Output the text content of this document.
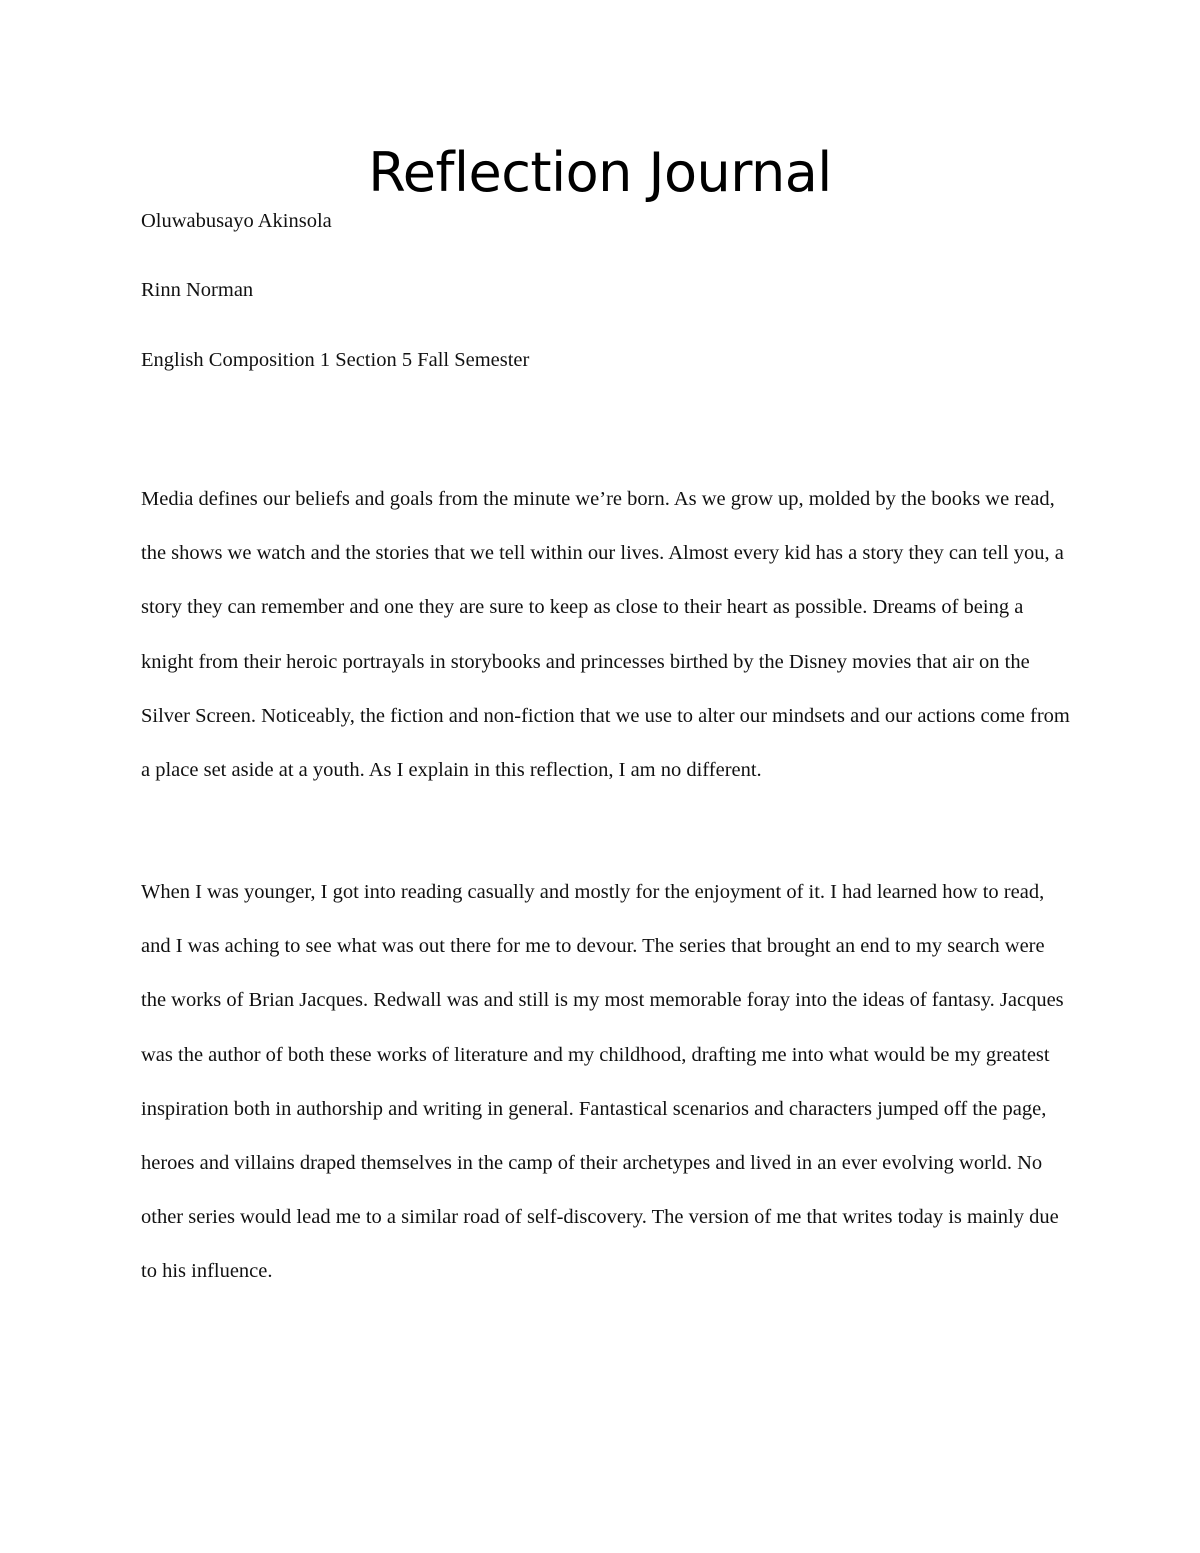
Reflection Journal
Oluwabusayo Akinsola
Rinn Norman
English Composition 1 Section 5 Fall Semester

Media defines our beliefs and goals from the minute we’re born. As we grow up, molded by the books we read, the shows we watch and the stories that we tell within our lives. Almost every kid has a story they can tell you, a story they can remember and one they are sure to keep as close to their heart as possible. Dreams of being a knight from their heroic portrayals in storybooks and princesses birthed by the Disney movies that air on the Silver Screen. Noticeably, the fiction and non-fiction that we use to alter our mindsets and our actions come from a place set aside at a youth. As I explain in this reflection, I am no different.

When I was younger, I got into reading casually and mostly for the enjoyment of it. I had learned how to read, and I was aching to see what was out there for me to devour. The series that brought an end to my search were the works of Brian Jacques. Redwall was and still is my most memorable foray into the ideas of fantasy. Jacques was the author of both these works of literature and my childhood, drafting me into what would be my greatest inspiration both in authorship and writing in general. Fantastical scenarios and characters jumped off the page, heroes and villains draped themselves in the camp of their archetypes and lived in an ever evolving world. No other series would lead me to a similar road of self-discovery. The version of me that writes today is mainly due to his influence.
